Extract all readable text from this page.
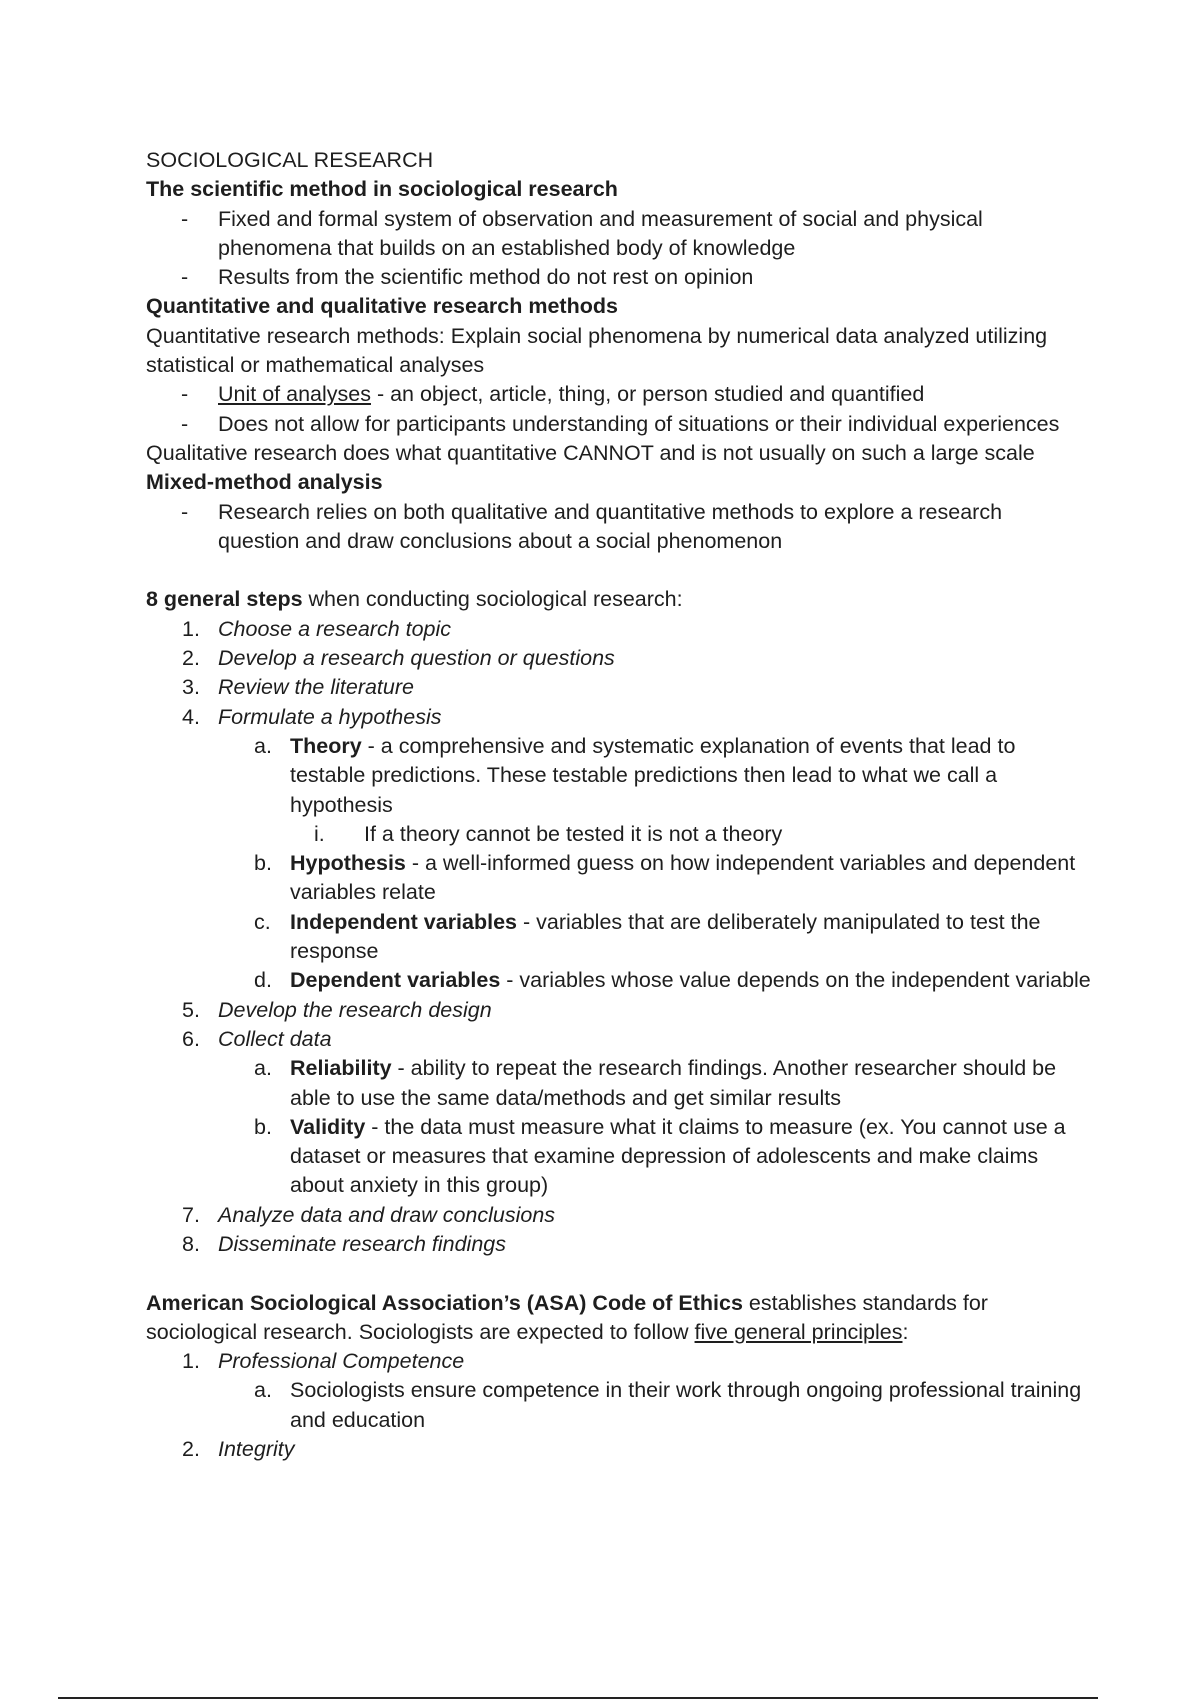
SOCIOLOGICAL RESEARCH
The scientific method in sociological research
- Fixed and formal system of observation and measurement of social and physical
phenomena that builds on an established body of knowledge
- Results from the scientific method do not rest on opinion
Quantitative and qualitative research methods
Quantitative research methods: Explain social phenomena by numerical data analyzed utilizing
statistical or mathematical analyses
- Unit of analyses - an object, article, thing, or person studied and quantified
- Does not allow for participants understanding of situations or their individual experiences
Qualitative research does what quantitative CANNOT and is not usually on such a large scale
Mixed-method analysis
- Research relies on both qualitative and quantitative methods to explore a research
question and draw conclusions about a social phenomenon
8 general steps when conducting sociological research:
1. Choose a research topic
2. Develop a research question or questions
3. Review the literature
4. Formulate a hypothesis
a. Theory - a comprehensive and systematic explanation of events that lead to testable predictions. These testable predictions then lead to what we call a hypothesis
i. If a theory cannot be tested it is not a theory
b. Hypothesis - a well-informed guess on how independent variables and dependent variables relate
c. Independent variables - variables that are deliberately manipulated to test the response
d. Dependent variables - variables whose value depends on the independent variable
5. Develop the research design
6. Collect data
a. Reliability - ability to repeat the research findings. Another researcher should be able to use the same data/methods and get similar results
b. Validity - the data must measure what it claims to measure (ex. You cannot use a dataset or measures that examine depression of adolescents and make claims about anxiety in this group)
7. Analyze data and draw conclusions
8. Disseminate research findings
American Sociological Association’s (ASA) Code of Ethics establishes standards for
sociological research. Sociologists are expected to follow five general principles:
1. Professional Competence
a. Sociologists ensure competence in their work through ongoing professional training and education
2. Integrity
